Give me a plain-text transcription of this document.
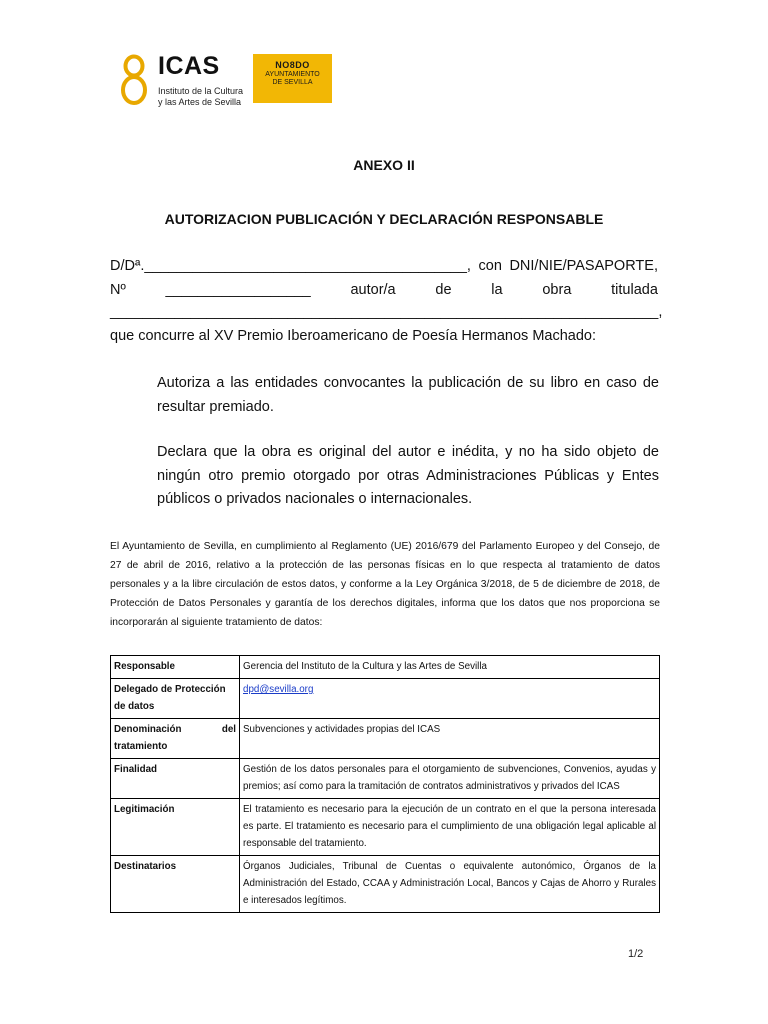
ICAS
Instituto de la Cultura
y las Artes de Sevilla
NO8DO
AYUNTAMIENTO
DE SEVILLA
ANEXO II
AUTORIZACION PUBLICACIÓN Y DECLARACIÓN RESPONSABLE
D/Dª.________________________________________, con DNI/NIE/PASAPORTE,
Nº	__________________	autor/a	de	la	obra	titulada
____________________________________________________________________,
que concurre al XV Premio Iberoamericano de Poesía Hermanos Machado:
Autoriza a las entidades convocantes la publicación de su libro en caso de resultar premiado.
Declara que la obra es original del autor e inédita, y no ha sido objeto de ningún otro premio otorgado por otras Administraciones Públicas y Entes públicos o privados nacionales o internacionales.
El Ayuntamiento de Sevilla, en cumplimiento al Reglamento (UE) 2016/679 del Parlamento Europeo y del Consejo, de 27 de abril de 2016, relativo a la protección de las personas físicas en lo que respecta al tratamiento de datos personales y a la libre circulación de estos datos, y conforme a la Ley Orgánica 3/2018, de 5 de diciembre de 2018, de Protección de Datos Personales y garantía de los derechos digitales, informa que los datos que nos proporciona se incorporarán al siguiente tratamiento de datos:
Responsable	Gerencia del Instituto de la Cultura y las Artes de Sevilla
Delegado de Protección de datos	dpd@sevilla.org

Denominación del
tratamiento	Subvenciones y actividades propias del ICAS
Finalidad	Gestión de los datos personales para el otorgamiento de subvenciones, Convenios, ayudas y premios; así como para la tramitación de contratos administrativos y privados del ICAS
Legitimación	El tratamiento es necesario para la ejecución de un contrato en el que la persona interesada es parte. El tratamiento es necesario para el cumplimiento de una obligación legal aplicable al responsable del tratamiento.
Destinatarios	Órganos Judiciales, Tribunal de Cuentas o equivalente autonómico, Órganos de la Administración del Estado, CCAA y Administración Local, Bancos y Cajas de Ahorro y Rurales e interesados legítimos.
1/2
